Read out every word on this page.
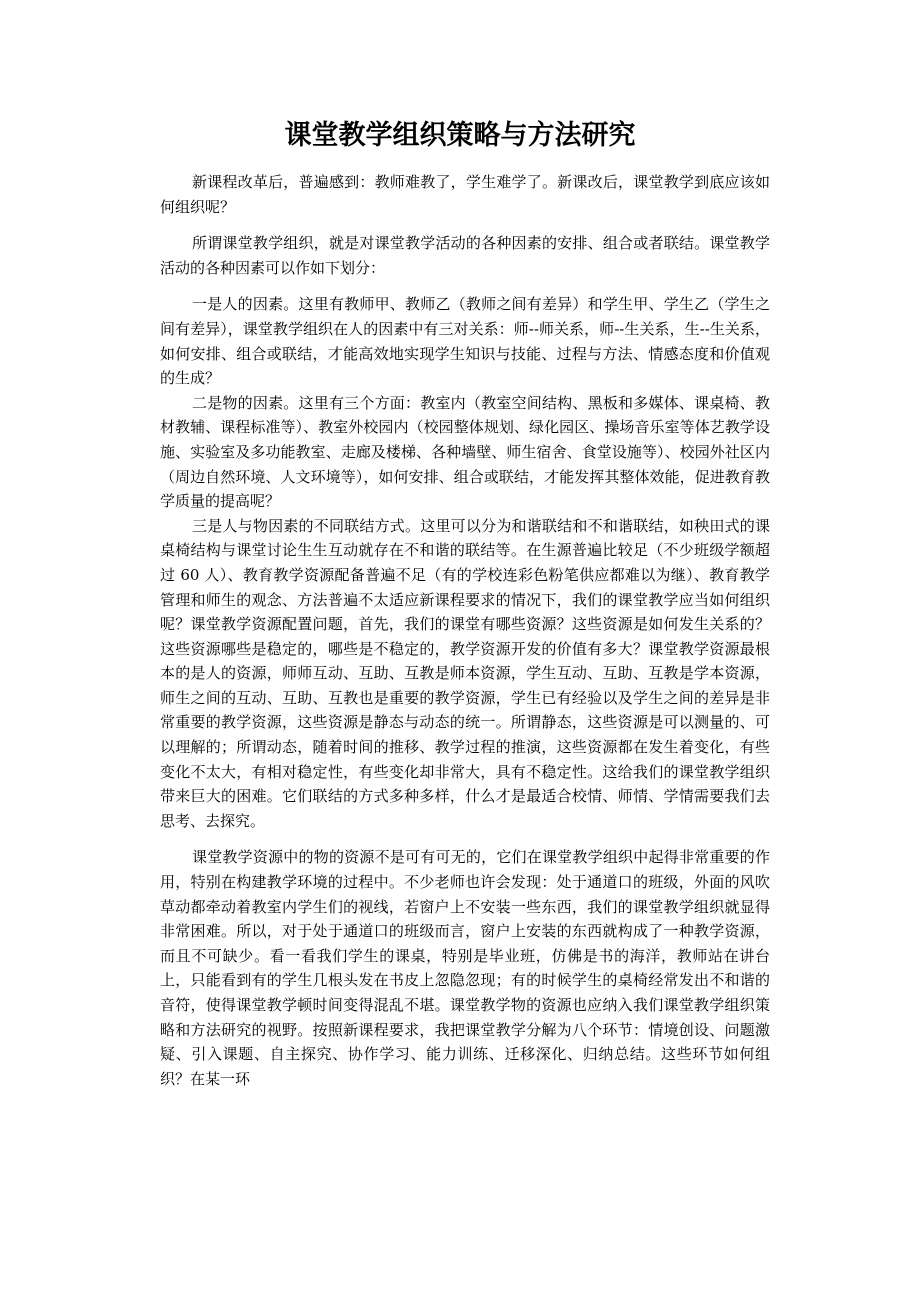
课堂教学组织策略与方法研究

新课程改革后，普遍感到：教师难教了，学生难学了。新课改后，课堂教学到底应该如何组织呢？

所谓课堂教学组织，就是对课堂教学活动的各种因素的安排、组合或者联结。课堂教学活动的各种因素可以作如下划分：

一是人的因素。这里有教师甲、教师乙（教师之间有差异）和学生甲、学生乙（学生之间有差异），课堂教学组织在人的因素中有三对关系：师--师关系，师--生关系，生--生关系，如何安排、组合或联结，才能高效地实现学生知识与技能、过程与方法、情感态度和价值观的生成？

二是物的因素。这里有三个方面：教室内（教室空间结构、黑板和多媒体、课桌椅、教材教辅、课程标准等）、教室外校园内（校园整体规划、绿化园区、操场音乐室等体艺教学设施、实验室及多功能教室、走廊及楼梯、各种墙壁、师生宿舍、食堂设施等）、校园外社区内（周边自然环境、人文环境等），如何安排、组合或联结，才能发挥其整体效能，促进教育教学质量的提高呢？

三是人与物因素的不同联结方式。这里可以分为和谐联结和不和谐联结，如秧田式的课桌椅结构与课堂讨论生生互动就存在不和谐的联结等。在生源普遍比较足（不少班级学额超过 60 人）、教育教学资源配备普遍不足（有的学校连彩色粉笔供应都难以为继）、教育教学管理和师生的观念、方法普遍不太适应新课程要求的情况下，我们的课堂教学应当如何组织呢？课堂教学资源配置问题，首先，我们的课堂有哪些资源？这些资源是如何发生关系的？这些资源哪些是稳定的，哪些是不稳定的，教学资源开发的价值有多大？课堂教学资源最根本的是人的资源，师师互动、互助、互教是师本资源，学生互动、互助、互教是学本资源，师生之间的互动、互助、互教也是重要的教学资源，学生已有经验以及学生之间的差异是非常重要的教学资源，这些资源是静态与动态的统一。所谓静态，这些资源是可以测量的、可以理解的；所谓动态，随着时间的推移、教学过程的推演，这些资源都在发生着变化，有些变化不太大，有相对稳定性，有些变化却非常大，具有不稳定性。这给我们的课堂教学组织带来巨大的困难。它们联结的方式多种多样，什么才是最适合校情、师情、学情需要我们去思考、去探究。

课堂教学资源中的物的资源不是可有可无的，它们在课堂教学组织中起得非常重要的作用，特别在构建教学环境的过程中。不少老师也许会发现：处于通道口的班级，外面的风吹草动都牵动着教室内学生们的视线，若窗户上不安装一些东西，我们的课堂教学组织就显得非常困难。所以，对于处于通道口的班级而言，窗户上安装的东西就构成了一种教学资源，而且不可缺少。看一看我们学生的课桌，特别是毕业班，仿佛是书的海洋，教师站在讲台上，只能看到有的学生几根头发在书皮上忽隐忽现；有的时候学生的桌椅经常发出不和谐的音符，使得课堂教学顿时间变得混乱不堪。课堂教学物的资源也应纳入我们课堂教学组织策略和方法研究的视野。按照新课程要求，我把课堂教学分解为八个环节：情境创设、问题激疑、引入课题、自主探究、协作学习、能力训练、迁移深化、归纳总结。这些环节如何组织？在某一环
